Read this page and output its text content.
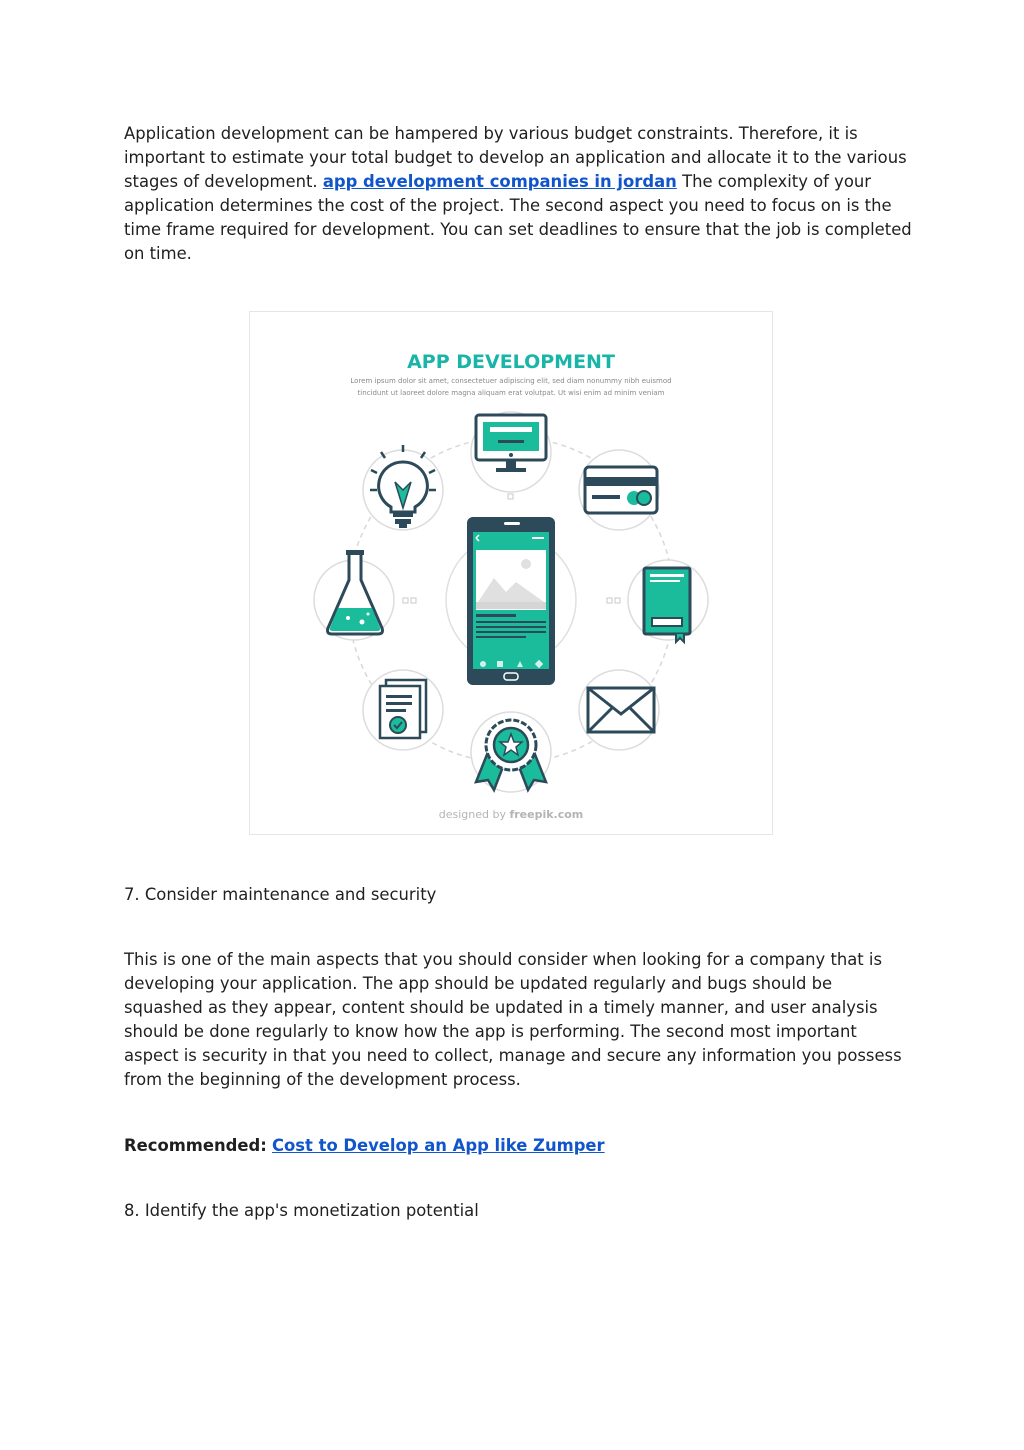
Application development can be hampered by various budget constraints. Therefore, it is important to estimate your total budget to develop an application and allocate it to the various stages of development. app development companies in jordan The complexity of your application determines the cost of the project. The second aspect you need to focus on is the time frame required for development. You can set deadlines to ensure that the job is completed on time.

APP DEVELOPMENT
Lorem ipsum dolor sit amet, consectetuer adipiscing elit, sed diam nonummy nibh euismod
tincidunt ut laoreet dolore magna aliquam erat volutpat. Ut wisi enim ad minim veniam
designed by freepik.com

7. Consider maintenance and security

This is one of the main aspects that you should consider when looking for a company that is developing your application. The app should be updated regularly and bugs should be squashed as they appear, content should be updated in a timely manner, and user analysis should be done regularly to know how the app is performing. The second most important aspect is security in that you need to collect, manage and secure any information you possess from the beginning of the development process.

Recommended: Cost to Develop an App like Zumper

8. Identify the app's monetization potential
